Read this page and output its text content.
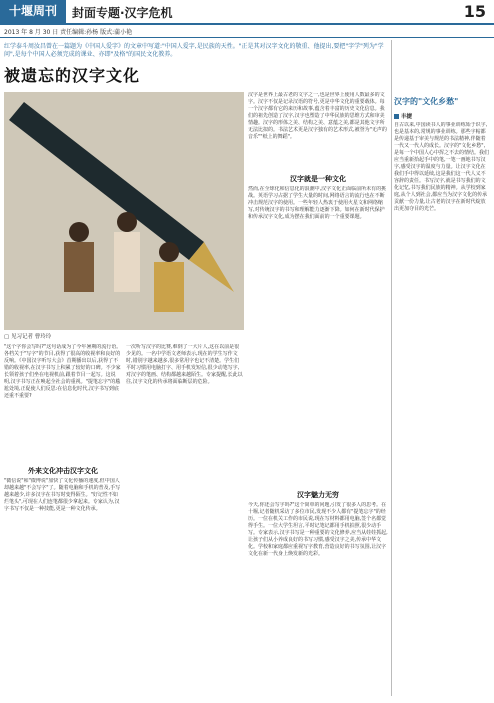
十堰周刊	封面专题·汉字危机	15
2013 年 8 月 30 日 责任编辑:孙杨 版式:蒲小艳
红学泰斗周汝昌曾在一篇题为《中国人爱字》的文章中写道:"中国人爱字,是民族的天性。"正是其对汉字文化的敬重、他提出,要把"字学"列为"学问",是每个中国人必须完成的课业、亦即"及格"的国民文化教养。
被遗忘的汉字文化
▢ 见习记者 曹玲玲
"这个字你会写吗?"这句话成为了今年暑期的流行语。各档关于"写字"的节目,获得了很高的收视率和良好的反响。《中国汉字听写大会》首期播出以后,获得了不错的收视率,在汉字书写上积累了较好的口碑。不少家长领着孩子们坐在电视机前,跟着节目一起写。这说明,汉字书写正在唤起全社会的重视。"提笔忘字"的尴尬处境,正促使人们反思:在信息化时代,汉字书写到底还重不重要?
外来文化冲击汉字文化
"微信说"和"微博说"加快了文化传播的速度,但中国人却越来越"不会写字"了。随着电脑和手机的普及,手写越来越少,许多汉字在书写时变得陌生。"好记性不如烂笔头",可现在人们连笔都很少拿起来。专家认为,汉字书写不仅是一种技能,更是一种文化传承。
一次听写汉字的比赛,难倒了一大片人,这在以前是很少见的。一名中学语文老师表示,现在的学生写作文时,错别字越来越多,很多常用字也记不清楚。学生们平时习惯用电脑打字、用手机发短信,很少动笔写字,对汉字的笔画、结构都越来越陌生。专家提醒,长此以往,汉字文化的传承将面临断层的危险。
汉字是世界上最古老的文字之一,也是世界上使用人数最多的文字。汉字不仅是记录汉语的符号,更是中华文化的重要载体。每一个汉字都有它的来历和故事,蕴含着丰富的历史文化信息。我们的祖先创造了汉字,汉字也塑造了中华民族的思维方式和审美情趣。汉字的形体之美、结构之美、意蕴之美,都是其他文字所无法比拟的。书法艺术更是汉字独有的艺术形式,被誉为"无声的音乐""纸上的舞蹈"。
汉字就是一种文化
然而,在全球化和信息化的浪潮中,汉字文化正面临前所未有的挑战。英语学习占据了学生大量的时间,网络语言的流行也在不断冲击规范汉字的使用。一些年轻人热衷于使用火星文和网络缩写,对传统汉字的书写和理解能力逐渐下降。如何在新时代保护和传承汉字文化,成为摆在我们面前的一个重要课题。
汉字魅力无穷
今天,你还会写字吗?"这个简单的问题,引发了很多人的思考。在十堰,记者随机采访了多位市民,发现不少人都有"提笔忘字"的经历。一位在机关工作的市民说,现在写材料都用电脑,签个名都觉得手生。一位大学生坦言,平时记笔记都用手机拍照,很少动手写。专家表示,汉字书写是一种重要的文化修养,应当从娃娃抓起,让孩子们从小养成良好的书写习惯,感受汉字之美,传承中华文化。学校和家庭都应重视写字教育,营造良好的书写氛围,让汉字文化在新一代身上焕发新的光彩。
汉字的"文化乡愁"
丰捷
自古以来,中国读书人的事业训练始于识字,也是基本的,常规的事业训练。那些字帖都是传递基于审美与规范的书法精神,伴随着一代又一代人的成长。汉字的"文化乡愁",是每一个中国人心中挥之不去的情结。我们应当重新拾起手中的笔,一笔一画地书写汉字,感受汉字的温度与力量。让汉字文化在我们手中得以延续,这是我们这一代人义不容辞的责任。书写汉字,就是书写我们的文化记忆,书写我们民族的精神。从学校到家庭,从个人到社会,都应当为汉字文化的传承贡献一份力量,让古老的汉字在新时代绽放出更加夺目的光芒。
